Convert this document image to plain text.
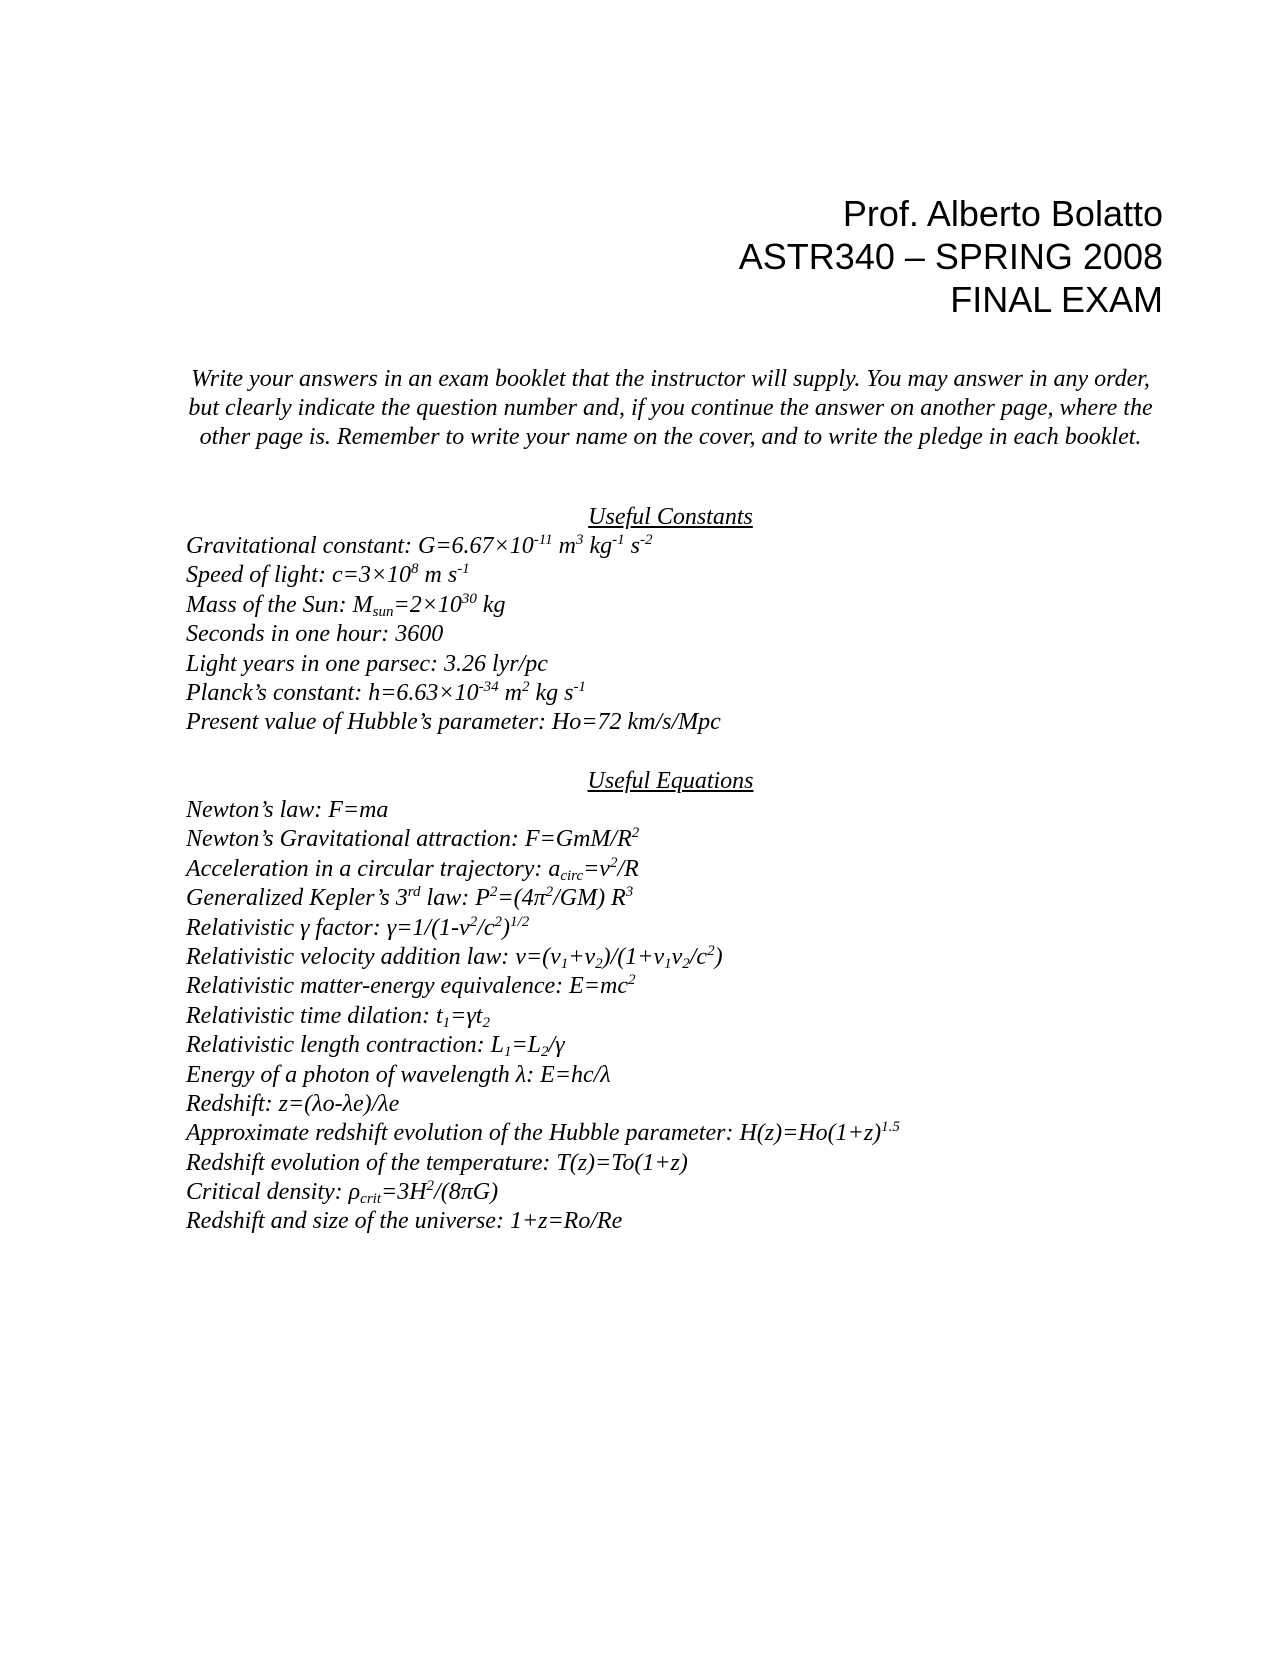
Prof. Alberto Bolatto
ASTR340 – SPRING 2008
FINAL EXAM
Write your answers in an exam booklet that the instructor will supply. You may answer in any order, but clearly indicate the question number and, if you continue the answer on another page, where the other page is. Remember to write your name on the cover, and to write the pledge in each booklet.
Useful Constants
Gravitational constant: $G=6.67\times 10^{-11}$ $m^3$ $kg^{-1}$ $s^{-2}$
Speed of light: $c=3\times 10^8$ m $s^{-1}$
Mass of the Sun: $M_{sun}=2\times 10^{30}$ kg
Seconds in one hour: 3600
Light years in one parsec: 3.26 lyr/pc
Planck’s constant: $h=6.63\times 10^{-34}$ $m^2$ kg $s^{-1}$
Present value of Hubble’s parameter: Ho=72 km/s/Mpc
Useful Equations
Newton’s law: F=ma
Newton’s Gravitational attraction: $F=GmM/R^2$
Acceleration in a circular trajectory: $a_{circ}=v^2/R$
Generalized Kepler’s 3rd law: $P^2=(4\pi^2/GM)$ $R^3$
Relativistic γ factor: $\gamma=1/(1-v^2/c^2)^{1/2}$
Relativistic velocity addition law: $v=(v_1+v_2)/(1+v_1v_2/c^2)$
Relativistic matter-energy equivalence: $E=mc^2$
Relativistic time dilation: $t_1=\gamma t_2$
Relativistic length contraction: $L_1=L_2/\gamma$
Energy of a photon of wavelength λ: E=hc/λ
Redshift: z=(λo-λe)/λe
Approximate redshift evolution of the Hubble parameter: $H(z)=Ho(1+z)^{1.5}$
Redshift evolution of the temperature: T(z)=To(1+z)
Critical density: $\rho_{crit}=3H^2/(8\pi G)$
Redshift and size of the universe: 1+z=Ro/Re
